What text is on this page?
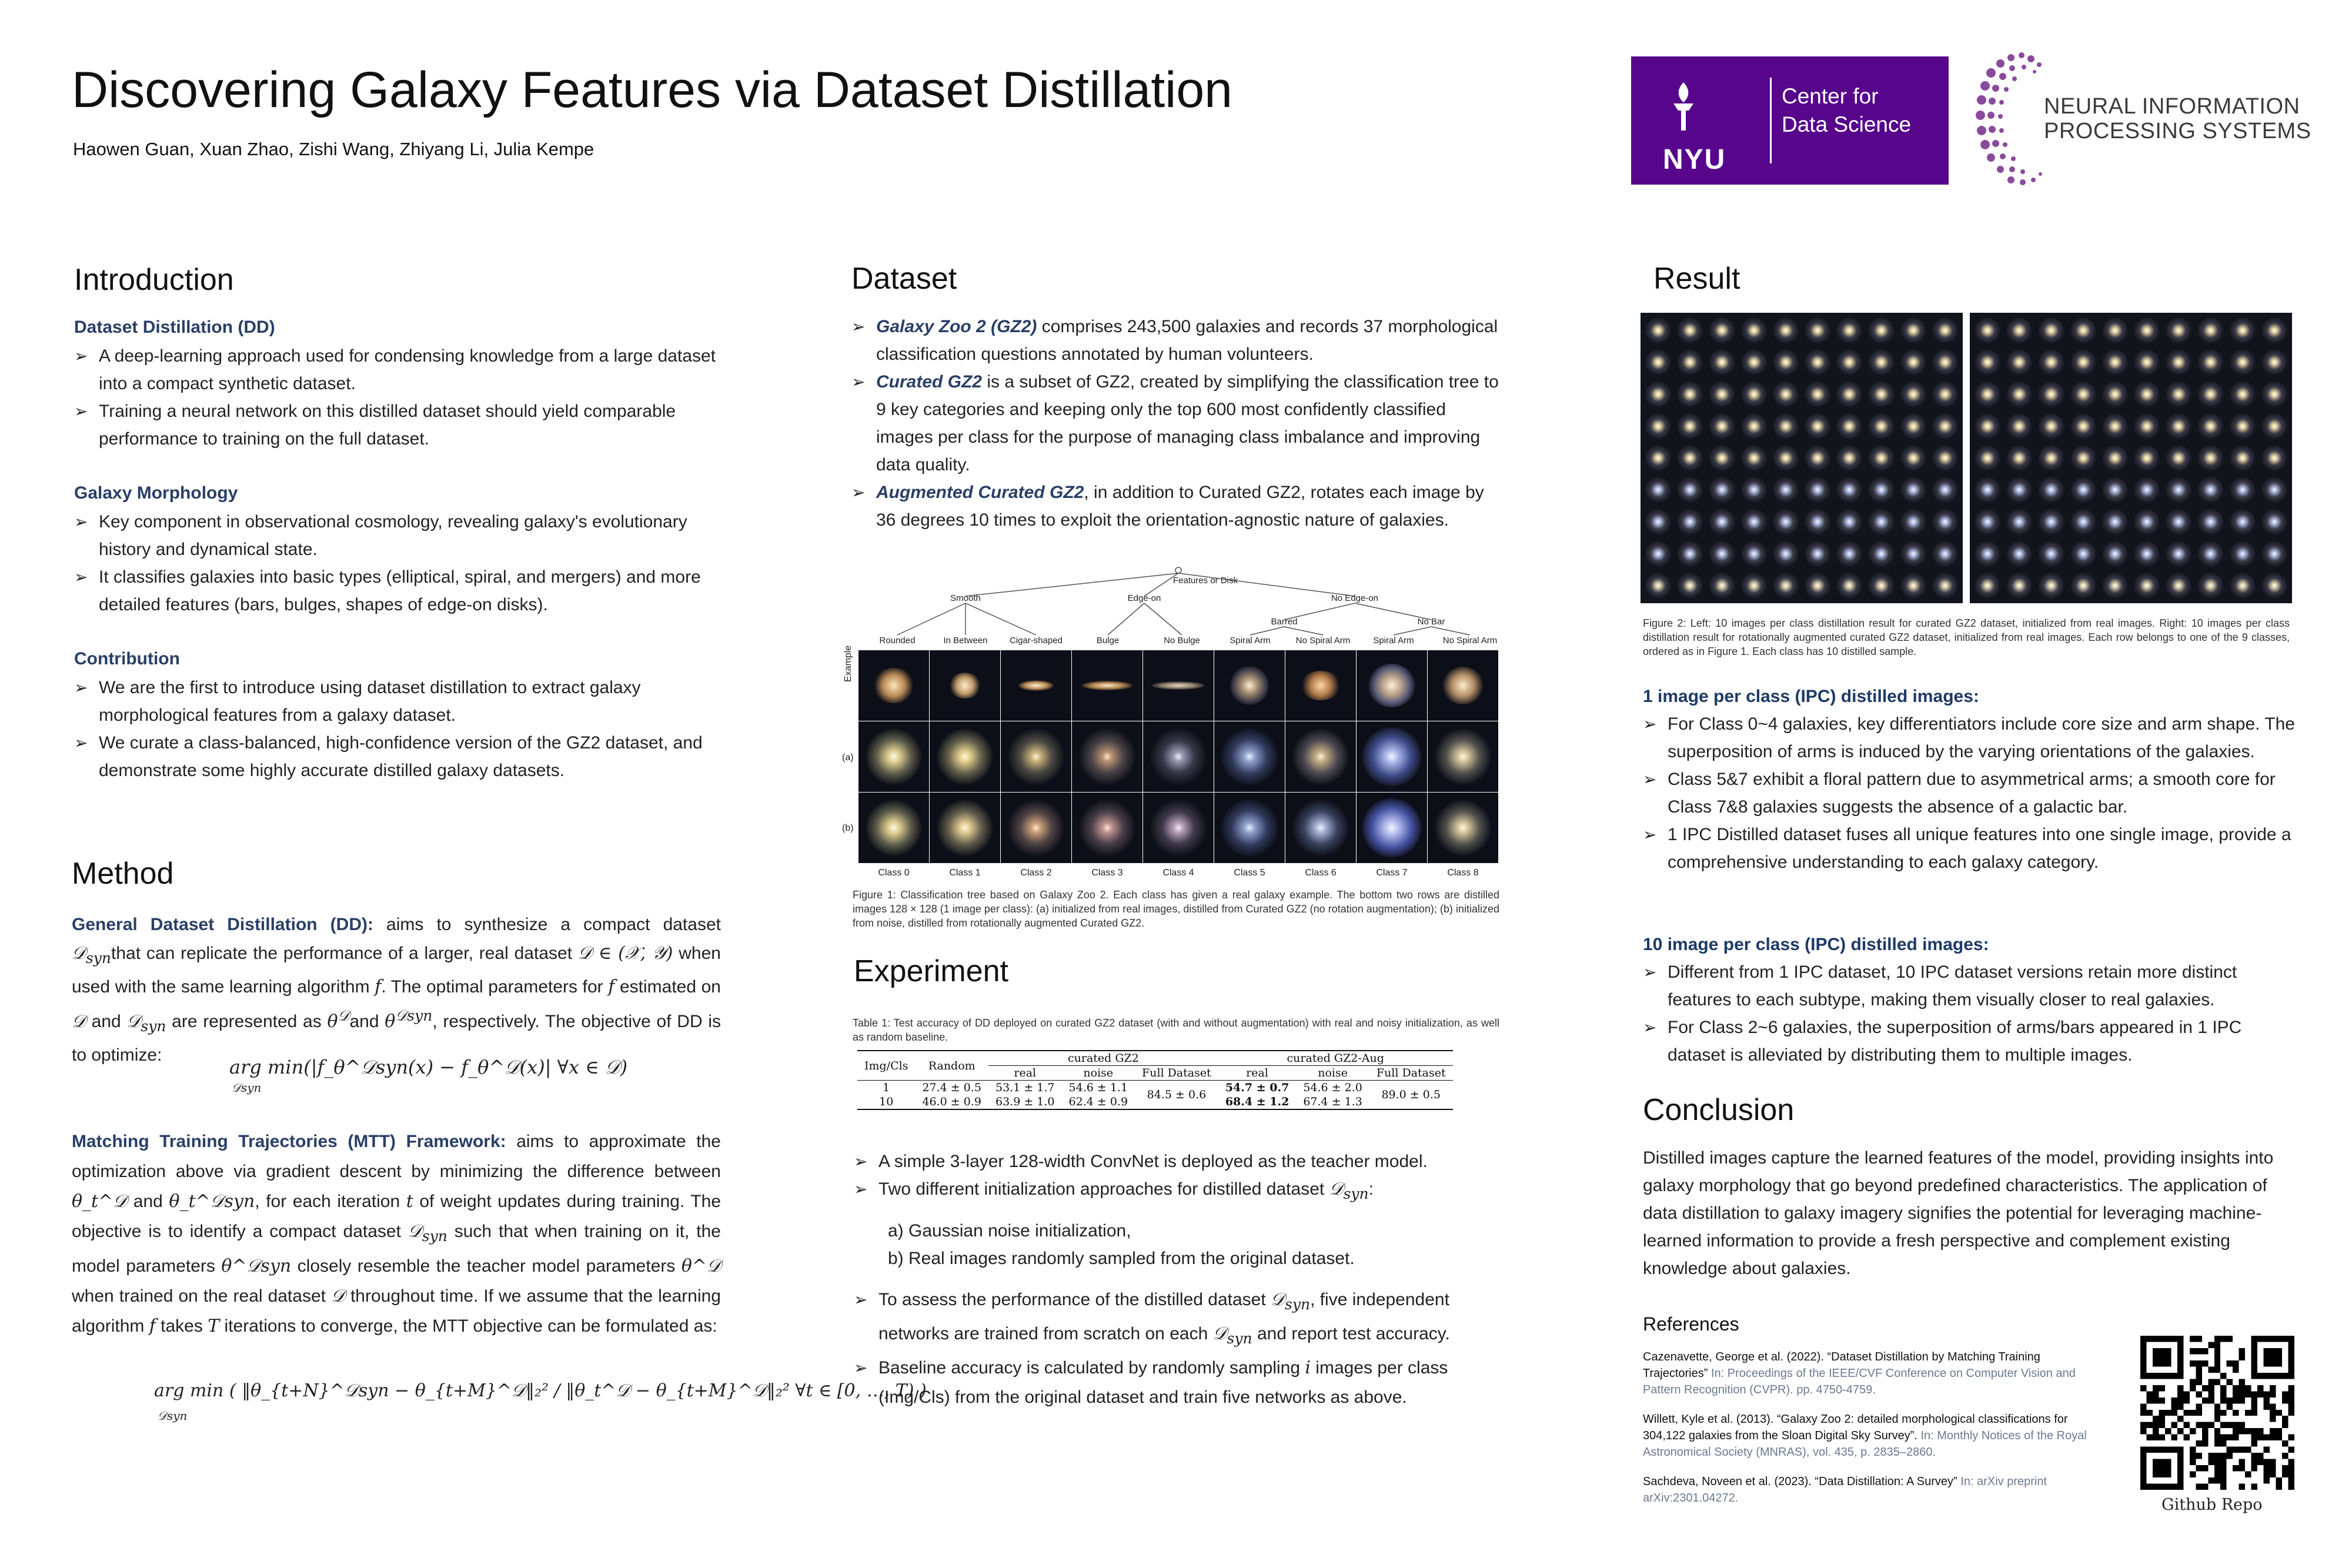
Discovering Galaxy Features via Dataset Distillation
Haowen Guan, Xuan Zhao, Zishi Wang, Zhiyang Li, Julia Kempe	NYU
Center for
Data Science
NEURAL INFORMATION
PROCESSING SYSTEMS
Introduction
Dataset Distillation (DD)
➢ A deep-learning approach used for condensing knowledge from a large dataset into a compact synthetic dataset.
➢ Training a neural network on this distilled dataset should yield comparable performance to training on the full dataset.
Galaxy Morphology
➢ Key component in observational cosmology, revealing galaxy's evolutionary history and dynamical state.
➢ It classifies galaxies into basic types (elliptical, spiral, and mergers) and more detailed features (bars, bulges, shapes of edge-on disks).
Contribution
➢ We are the first to introduce using dataset distillation to extract galaxy morphological features from a galaxy dataset.
➢ We curate a class-balanced, high-confidence version of the GZ2 dataset, and demonstrate some highly accurate distilled galaxy datasets.
Method
General Dataset Distillation (DD): aims to synthesize a compact dataset 𝒟$_{syn}$that can replicate the performance of a larger, real dataset 𝒟 ∈ (𝒳, 𝒴) when used with the same learning algorithm f. The optimal parameters for f estimated on 𝒟 and 𝒟$_{syn}$ are represented as $\theta^𝒟and$ $\theta^{𝒟syn}$, respectively. The objective of DD is to optimize:
arg min(|f_θ^𝒟syn(x) − f_θ^𝒟(x)| ∀x ∈ 𝒟)
𝒟syn
Matching Training Trajectories (MTT) Framework: aims to approximate the optimization above via gradient descent by minimizing the difference between θ_t^𝒟 and θ_t^𝒟syn, for each iteration t of weight updates during training. The objective is to identify a compact dataset 𝒟$_{syn}$ such that when training on it, the model parameters θ^𝒟syn closely resemble the teacher model parameters θ^𝒟 when trained on the real dataset 𝒟 throughout time. If we assume that the learning algorithm f takes T iterations to converge, the MTT objective can be formulated as:
arg min ( ‖θ_{t+N}^𝒟syn − θ_{t+M}^𝒟‖₂² / ‖θ_t^𝒟 − θ_{t+M}^𝒟‖₂² ∀t ∈ [0, …, T) )
𝒟syn
Dataset
➢ Galaxy Zoo 2 (GZ2) comprises 243,500 galaxies and records 37 morphological classification questions annotated by human volunteers.
➢ Curated GZ2 is a subset of GZ2, created by simplifying the classification tree to 9 key categories and keeping only the top 600 most confidently classified images per class for the purpose of managing class imbalance and improving data quality.
➢ Augmented Curated GZ2, in addition to Curated GZ2, rotates each image by 36 degrees 10 times to exploit the orientation-agnostic nature of galaxies.
Features or Disk
Smooth	Edge-on	No Edge-on
Barred	No Bar
Rounded	In Between Cigar-shaped	Bulge	No Bulge	Spiral Arm	No Spiral Arm	Spiral Arm	No Spiral Arm
Example
(a)
(b)
Class 0	Class 1	Class 2	Class 3	Class 4	Class 5	Class 6	Class 7	Class 8
Figure 1: Classification tree based on Galaxy Zoo 2. Each class has given a real galaxy example. The bottom two rows are distilled images 128 × 128 (1 image per class): (a) initialized from real images, distilled from Curated GZ2 (no rotation augmentation); (b) initialized from noise, distilled from rotationally augmented Curated GZ2.
Experiment
Table 1: Test accuracy of DD deployed on curated GZ2 dataset (with and without augmentation) with real and noisy initialization, as well as random baseline.
Img/Cls	Random	curated GZ2			curated GZ2-Aug		
		real	noise	Full Dataset	real	noise	Full Dataset
1	27.4 ± 0.5	53.1 ± 1.7	54.6 ± 1.1	84.5 ± 0.6	54.7 ± 0.7	54.6 ± 2.0	89.0 ± 0.5
10	46.0 ± 0.9	63.9 ± 1.0	62.4 ± 0.9		68.4 ± 1.2	67.4 ± 1.3	
➢ A simple 3-layer 128-width ConvNet is deployed as the teacher model.
➢ Two different initialization approaches for distilled dataset 𝒟$_{syn}$:
a) Gaussian noise initialization,
b) Real images randomly sampled from the original dataset.
➢ To assess the performance of the distilled dataset 𝒟$_{syn}$, five independent networks are trained from scratch on each 𝒟$_{syn}$ and report test accuracy.
➢ Baseline accuracy is calculated by randomly sampling i images per class (Img/Cls) from the original dataset and train five networks as above.
Result
Figure 2: Left: 10 images per class distillation result for curated GZ2 dataset, initialized from real images. Right: 10 images per class distillation result for rotationally augmented curated GZ2 dataset, initialized from real images. Each row belongs to one of the 9 classes, ordered as in Figure 1. Each class has 10 distilled sample.
1 image per class (IPC) distilled images:
➢ For Class 0~4 galaxies, key differentiators include core size and arm shape. The superposition of arms is induced by the varying orientations of the galaxies.
➢ Class 5&7 exhibit a floral pattern due to asymmetrical arms; a smooth core for Class 7&8 galaxies suggests the absence of a galactic bar.
➢ 1 IPC Distilled dataset fuses all unique features into one single image, provide a comprehensive understanding to each galaxy category.
10 image per class (IPC) distilled images:
➢ Different from 1 IPC dataset, 10 IPC dataset versions retain more distinct features to each subtype, making them visually closer to real galaxies.
➢ For Class 2~6 galaxies, the superposition of arms/bars appeared in 1 IPC dataset is alleviated by distributing them to multiple images.
Conclusion
Distilled images capture the learned features of the model, providing insights into galaxy morphology that go beyond predefined characteristics. The application of data distillation to galaxy imagery signifies the potential for leveraging machine-learned information to provide a fresh perspective and complement existing knowledge about galaxies.
References
Cazenavette, George et al. (2022). “Dataset Distillation by Matching Training Trajectories” In: Proceedings of the IEEE/CVF Conference on Computer Vision and Pattern Recognition (CVPR). pp. 4750-4759.
Willett, Kyle et al. (2013). “Galaxy Zoo 2: detailed morphological classifications for 304,122 galaxies from the Sloan Digital Sky Survey”. In: Monthly Notices of the Royal Astronomical Society (MNRAS), vol. 435, p. 2835–2860.
Sachdeva, Noveen et al. (2023). “Data Distillation: A Survey” In: arXiv preprint arXiv:2301.04272.	Github Repo
